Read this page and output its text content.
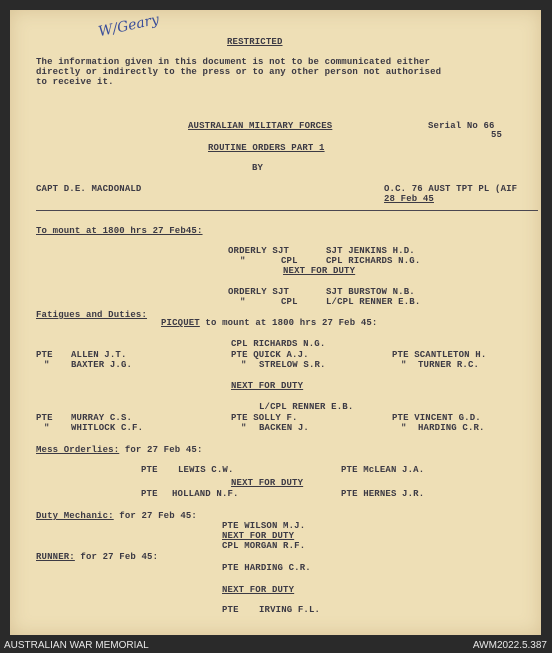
W/Geary
RESTRICTED
The information given in this document is not to be communicated either
directly or indirectly to the press or to any other person not authorised
to receive it.
AUSTRALIAN MILITARY FORCES	Serial No 66
55
ROUTINE ORDERS PART 1
BY
CAPT D.E. MACDONALD	O.C. 76 AUST TPT PL (AIF
28 Feb 45
To mount at 1800 hrs 27 Feb45:
ORDERLY SJT	SJT JENKINS H.D.
"	CPL	CPL RICHARDS N.G.
NEXT FOR DUTY
ORDERLY SJT	SJT BURSTOW N.B.
"	CPL	L/CPL RENNER E.B.
Fatigues and Duties:
PICQUET to mount at 1800 hrs 27 Feb 45:
CPL RICHARDS N.G.
PTE ALLEN J.T.	PTE QUICK A.J.	PTE SCANTLETON H.
" BAXTER J.G.	" STRELOW S.R.	" TURNER R.C.
NEXT FOR DUTY
L/CPL RENNER E.B.
PTE MURRAY C.S.	PTE SOLLY F.	PTE VINCENT G.D.
" WHITLOCK C.F.	" BACKEN J.	" HARDING C.R.
Mess Orderlies: for 27 Feb 45:
PTE LEWIS C.W.	PTE McLEAN J.A.
NEXT FOR DUTY
PTE HOLLAND N.F.	PTE HERNES J.R.
Duty Mechanic: for 27 Feb 45:
PTE WILSON M.J.
NEXT FOR DUTY
CPL MORGAN R.F.
RUNNER: for 27 Feb 45:
PTE HARDING C.R.
NEXT FOR DUTY
PTE IRVING F.L.
AUSTRALIAN WAR MEMORIAL	AWM2022.5.387
